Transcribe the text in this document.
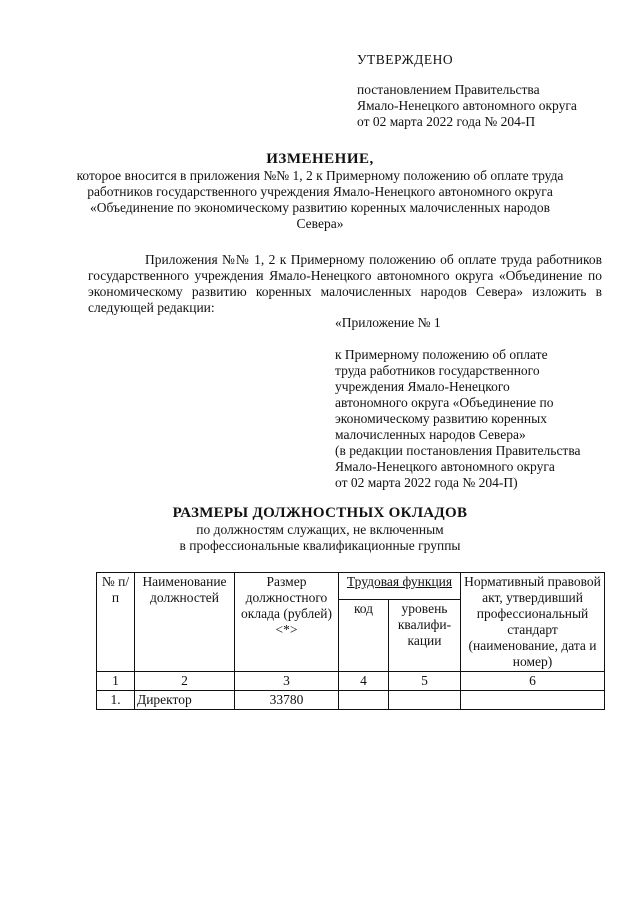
УТВЕРЖДЕНО
постановлением Правительства
Ямало-Ненецкого автономного округа
от 02 марта 2022 года № 204-П
ИЗМЕНЕНИЕ,
которое вносится в приложения №№ 1, 2 к Примерному положению об оплате труда работников государственного учреждения Ямало-Ненецкого автономного округа «Объединение по экономическому развитию коренных малочисленных народов Севера»

Приложения №№ 1, 2 к Примерному положению об оплате труда работников государственного учреждения Ямало-Ненецкого автономного округа «Объединение по экономическому развитию коренных малочисленных народов Севера» изложить в следующей редакции:

«Приложение № 1
к Примерному положению об оплате
труда работников государственного
учреждения Ямало-Ненецкого
автономного округа «Объединение по
экономическому развитию коренных
малочисленных народов Севера»
(в редакции постановления Правительства
Ямало-Ненецкого автономного округа
от 02 марта 2022 года № 204-П)
РАЗМЕРЫ ДОЛЖНОСТНЫХ ОКЛАДОВ
по должностям служащих, не включенным
в профессиональные квалификационные группы
№ п/п	Наименование должностей	Размер должностного оклада (рублей)<*>	Трудовая функция		Нормативный правовой акт, утвердивший профессиональный стандарт (наименование, дата и номер)
			код	уровень квалифи-кации	
1	2	3	4	5	6
1.	Директор	33780			
